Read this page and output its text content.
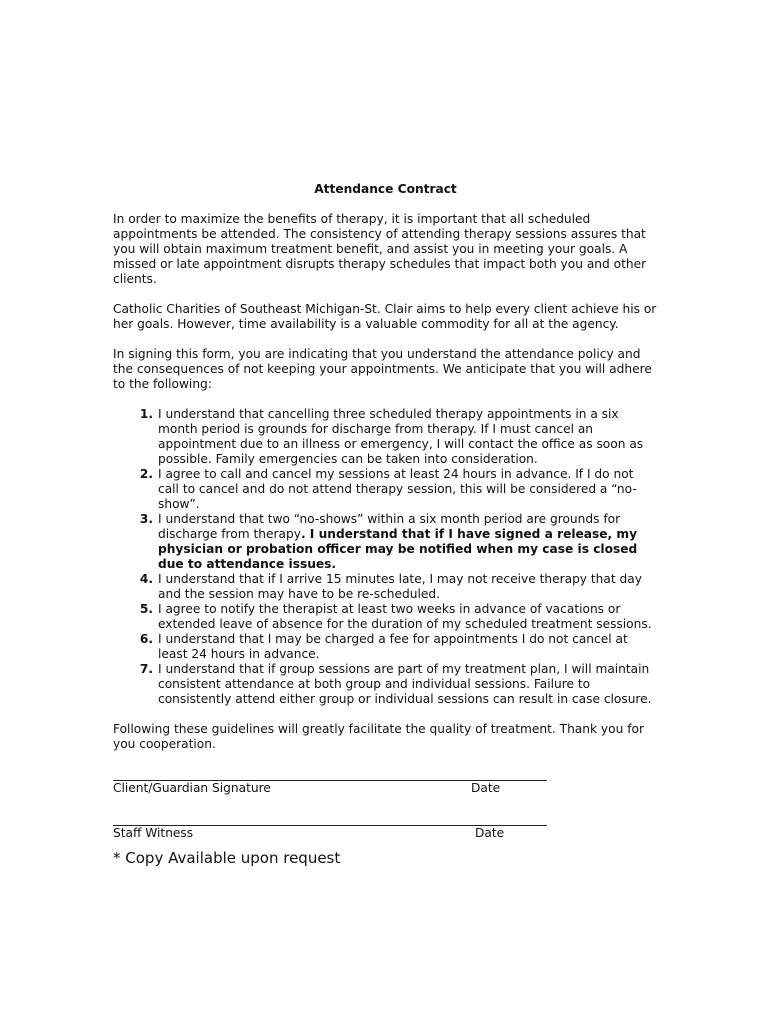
Attendance Contract

In order to maximize the benefits of therapy, it is important that all scheduled appointments be attended. The consistency of attending therapy sessions assures that you will obtain maximum treatment benefit, and assist you in meeting your goals. A missed or late appointment disrupts therapy schedules that impact both you and other clients.

Catholic Charities of Southeast Michigan-St. Clair aims to help every client achieve his or her goals. However, time availability is a valuable commodity for all at the agency.

In signing this form, you are indicating that you understand the attendance policy and the consequences of not keeping your appointments. We anticipate that you will adhere to the following:

1. I understand that cancelling three scheduled therapy appointments in a six month period is grounds for discharge from therapy. If I must cancel an appointment due to an illness or emergency, I will contact the office as soon as possible. Family emergencies can be taken into consideration.
2. I agree to call and cancel my sessions at least 24 hours in advance. If I do not call to cancel and do not attend therapy session, this will be considered a “no-show”.
3. I understand that two “no-shows” within a six month period are grounds for discharge from therapy. I understand that if I have signed a release, my physician or probation officer may be notified when my case is closed due to attendance issues.
4. I understand that if I arrive 15 minutes late, I may not receive therapy that day and the session may have to be re-scheduled.
5. I agree to notify the therapist at least two weeks in advance of vacations or extended leave of absence for the duration of my scheduled treatment sessions.
6. I understand that I may be charged a fee for appointments I do not cancel at least 24 hours in advance.
7. I understand that if group sessions are part of my treatment plan, I will maintain consistent attendance at both group and individual sessions. Failure to consistently attend either group or individual sessions can result in case closure.

Following these guidelines will greatly facilitate the quality of treatment. Thank you for you cooperation.

Client/Guardian Signature	Date
Staff Witness	Date
* Copy Available upon request
